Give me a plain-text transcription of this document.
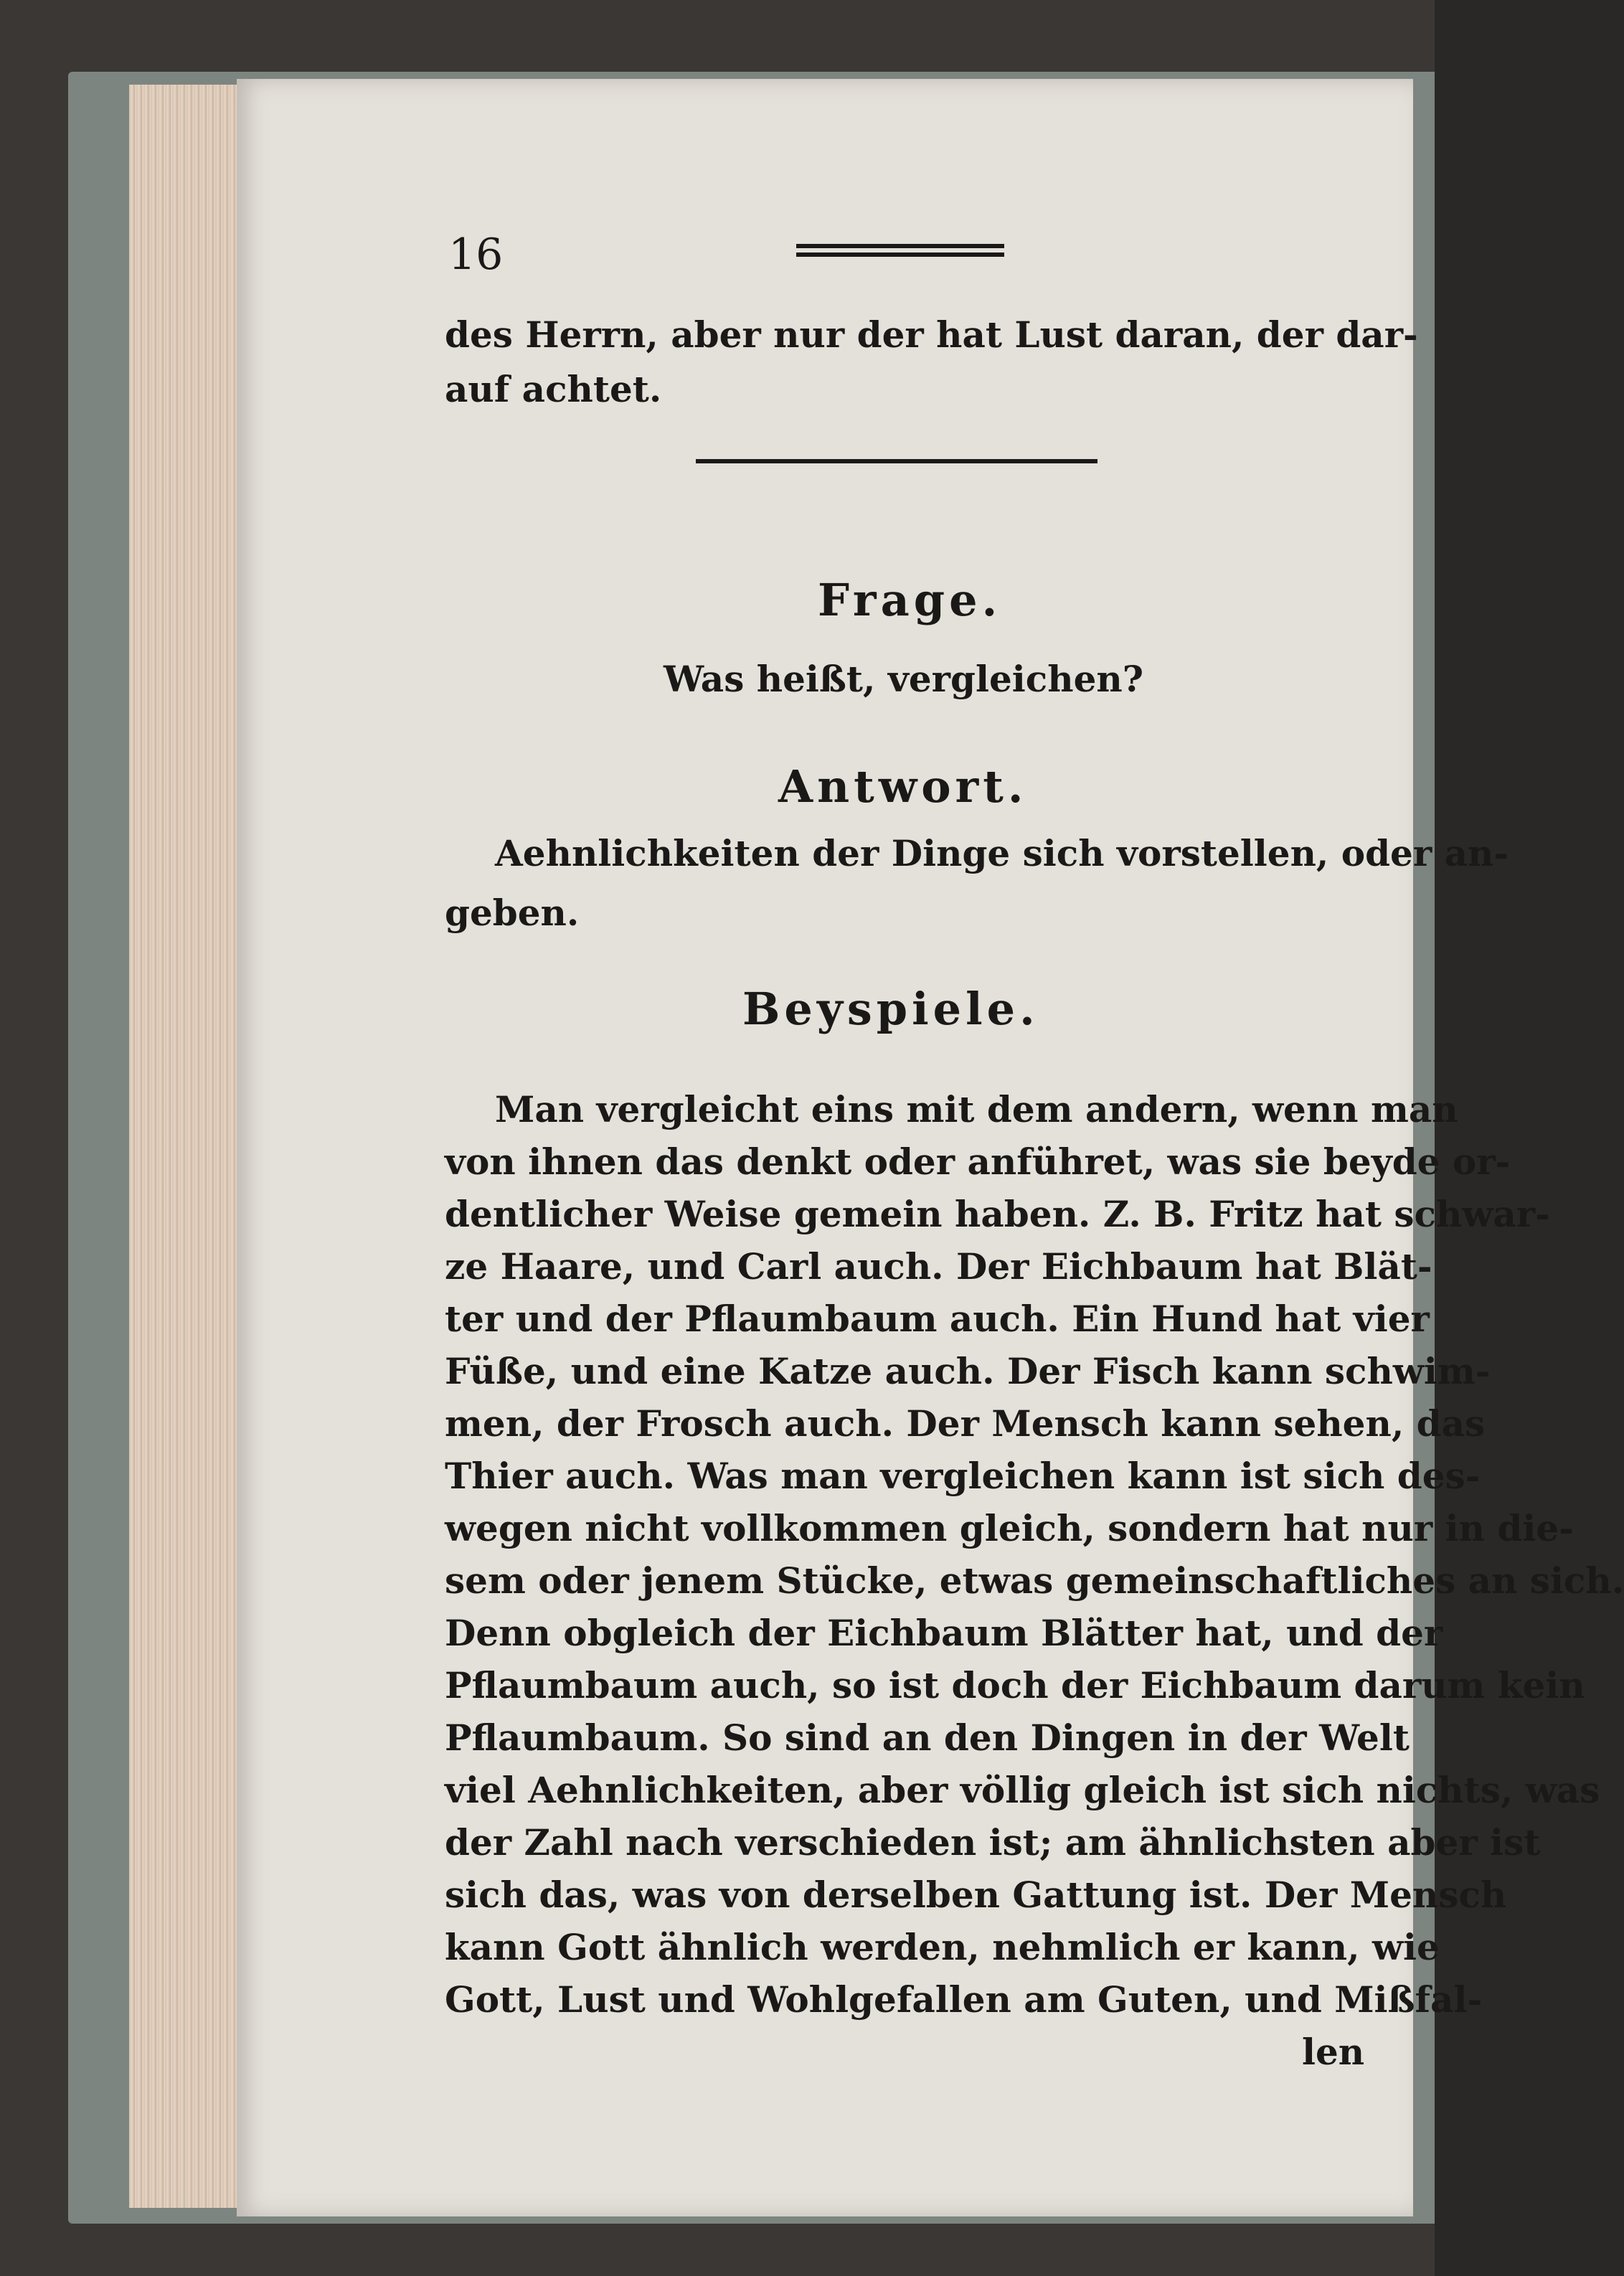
16
des Herrn, aber nur der hat Lust daran, der dar-
auf achtet.
Frage.
Was heißt, vergleichen?
Antwort.
Aehnlichkeiten der Dinge sich vorstellen, oder an-
geben.
Beyspiele.
Man vergleicht eins mit dem andern, wenn man
von ihnen das denkt oder anführet, was sie beyde or-
dentlicher Weise gemein haben. Z. B. Fritz hat schwar-
ze Haare, und Carl auch. Der Eichbaum hat Blät-
ter und der Pflaumbaum auch. Ein Hund hat vier
Füße, und eine Katze auch. Der Fisch kann schwim-
men, der Frosch auch. Der Mensch kann sehen, das
Thier auch. Was man vergleichen kann ist sich des-
wegen nicht vollkommen gleich, sondern hat nur in die-
sem oder jenem Stücke, etwas gemeinschaftliches an sich.
Denn obgleich der Eichbaum Blätter hat, und der
Pflaumbaum auch, so ist doch der Eichbaum darum kein
Pflaumbaum. So sind an den Dingen in der Welt
viel Aehnlichkeiten, aber völlig gleich ist sich nichts, was
der Zahl nach verschieden ist; am ähnlichsten aber ist
sich das, was von derselben Gattung ist. Der Mensch
kann Gott ähnlich werden, nehmlich er kann, wie
Gott, Lust und Wohlgefallen am Guten, und Mißfal-
len
